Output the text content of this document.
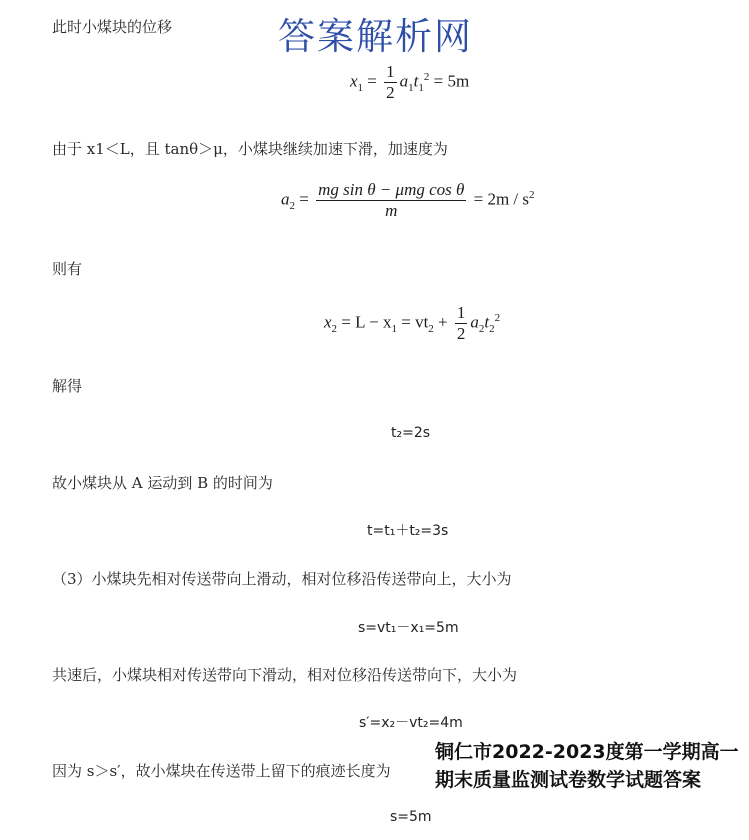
此时小煤块的位移	答案解析网
$x_1 = \frac{1}{2} a_1t_1^2 = 5m$
由于 x1＜L，且 tanθ＞μ，小煤块继续加速下滑，加速度为
$a_2 = \frac{\text{mg sin θ − μmg cos θ}}{m} = 2m / s^2$
则有
$x_2 = L - x_1 = vt_2 + \frac{1}{2} a_2t_2^2$
解得
t₂=2s
故小煤块从 A 运动到 B 的时间为
t=t₁＋t₂=3s
（3）小煤块先相对传送带向上滑动，相对位移沿传送带向上，大小为
s=vt₁－x₁=5m
共速后，小煤块相对传送带向下滑动，相对位移沿传送带向下，大小为
s′=x₂－vt₂=4m
因为 s＞s′，故小煤块在传送带上留下的痕迹长度为
s=5m
铜仁市2022-2023度第一学期高一期末质量监测试卷数学试题答案
